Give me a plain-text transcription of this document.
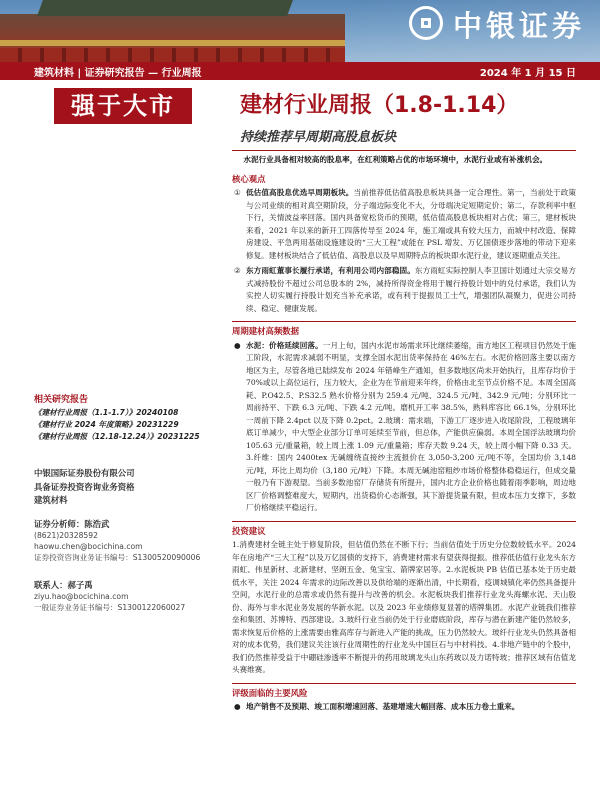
中银证券
建筑材料 | 证券研究报告 — 行业周报	2024 年 1 月 15 日
强于大市	建材行业周报（1.8-1.14）
持续推荐早周期高股息板块

水泥行业具备相对较高的股息率，在红利策略占优的市场环境中，水泥行业或有补涨机会。

核心观点
① 低估值高股息优选早周期板块。当前推荐低估值高股息板块具备一定合理性。第一，当前处于政策与公司业绩的相对真空期阶段，分子端边际变化不大，分母端决定短期定价；第二，存款利率中枢下行，关情波益率回落。国内具备宽松货币的预期，低估值高股息板块相对占优；第三，建材板块来看，2021 年以来的新开工四落传导至 2024 年，施工端或具有较大压力，而城中村改造、保障房建设、平急两用基础设施建设的“三大工程”或能在 PSL 增发、万亿国债逐步落地的带动下迎来修复。建材板块结合了低估值、高股息以及早周期特点的板块即水泥行业，建议逐期重点关注。
② 东方雨虹董事长履行承诺，有利用公司内部稳固。东方雨虹实际控制人李卫国计划通过大宗交易方式减持股份不超过公司总股本的 2%，减持所得资金将用于履行持股计划中的兑付承诺，我们认为实控人切实履行持股计划充当补充承诺，或有利于提振员工士气，增强团队凝聚力，促进公司持续、稳定、健康发展。
周期建材高频数据
● 水泥：价格延续回落。一月上旬，国内水泥市场需求环比继续萎缩，南方地区工程项目仍然处于施工阶段，水泥需求减弱不明显，支撑全国水泥出货率保持在 46%左右。水泥价格回落主要以南方地区为主，尽管各地已陆续发布 2024 年错峰生产通知，但多数地区尚未开始执行，且库存均价于 70%或以上高位运行，压力较大，企业为在节前迎来年终，价格由北至节点价格不足。本周全国高耗、P.O42.5、P.S32.5 熟水价格分别为 259.4 元/吨、324.5 元/吨、342.9 元/吨；分别环比一周前持平、下跌 6.3 元/吨、下跌 4.2 元/吨。磨机开工率 38.5%，熟料库容比 66.1%，分别环比一周前下降 2.4pct 以及下降 0.2pct。2.玻璃：需求端，下游工厂逐步进入收尾阶段，工程玻璃年底订单减少，中大型企业部分订单可延续至节前，但总体，产能供应偏弱。本周全国浮法玻璃均价 105.63 元/重量箱，较上周上涨 1.09 元/重量箱；库存天数 9.24 天，较上周小幅下降 0.33 天。3.纤维：国内 2400tex 无碱缠绕直接纱主流报价在 3,050-3,200 元/吨不等，全国均价 3,148 元/吨，环比上周均价（3,180 元/吨）下降。本周无碱池窑粗纱市场价格整体稳稳运行，但成交量一般乃有下游观望。当前多数池窑厂存储货有所提升，国内北方企业价格也随着雨季影响，周边地区厂价格调整难度大，短期内，出货稳价心态渐强，其下游提货量有限，但成本压力支撑下，多数厂价格继续平稳运行。
投资建议

1.消费建材全链主处于修复阶段，但估值仍然在不断下行；当前估值处于历史分位数较低水平。2024 年在房地产“三大工程”以及万亿国债的支持下，消费建材需求有望获得提振。推荐低估值行业龙头东方雨虹、伟星新材、北新建材、坚朗五金、兔宝宝、箭牌家居等。2.水泥板块 PB 估值已基本处于历史最低水平，关注 2024 年需求的边际改善以及供给端的逐渐出清，中长期看，疫调城镇化率仍然具备提升空间，水泥行业的总需求或仍然有提升与改善的机会。水泥板块我们推荐行业龙头海螺水泥、天山股份、海外与非水泥业务发展的华新水泥。以及 2023 年业绩修复显著的塔牌集团。水泥产业链我们推荐垒和集团、苏博特、西部建设。3.玻纤行业当前仍处于行业磨底阶段，库存与潜在新建产能仍然较多，需求恢复后价格的上涨需要由雅高库存与新进入产能的挑战，压力仍然较大。玻纤行业龙头仍然具备相对的成本优势，我们建议关注该行业周期性的行业龙头中国巨石与中材科技。4.非地产链中的个股中，我们仍然推荐受益于中硼硅渗透率不断提升的药用玻璃龙头山东药玻以及力诺特玻；推荐区域有估值龙头赛维赛。

评级面临的主要风险
● 地产销售不及预期、竣工面积增速回落、基建增速大幅回落、成本压力卷土重来。
相关研究报告
《建材行业周报（1.1-1.7）》20240108
《建材行业 2024 年度策略》20231229
《建材行业周报（12.18-12.24）》20231225
中银国际证券股份有限公司
具备证券投资咨询业务资格
建筑材料
证券分析师：陈浩武
(8621)20328592
haowu.chen@bocichina.com
证券投资咨询业务证书编号：S1300520090006
联系人：郝子禹
ziyu.hao@bocichina.com
一般证券业务证书编号：S1300122060027
